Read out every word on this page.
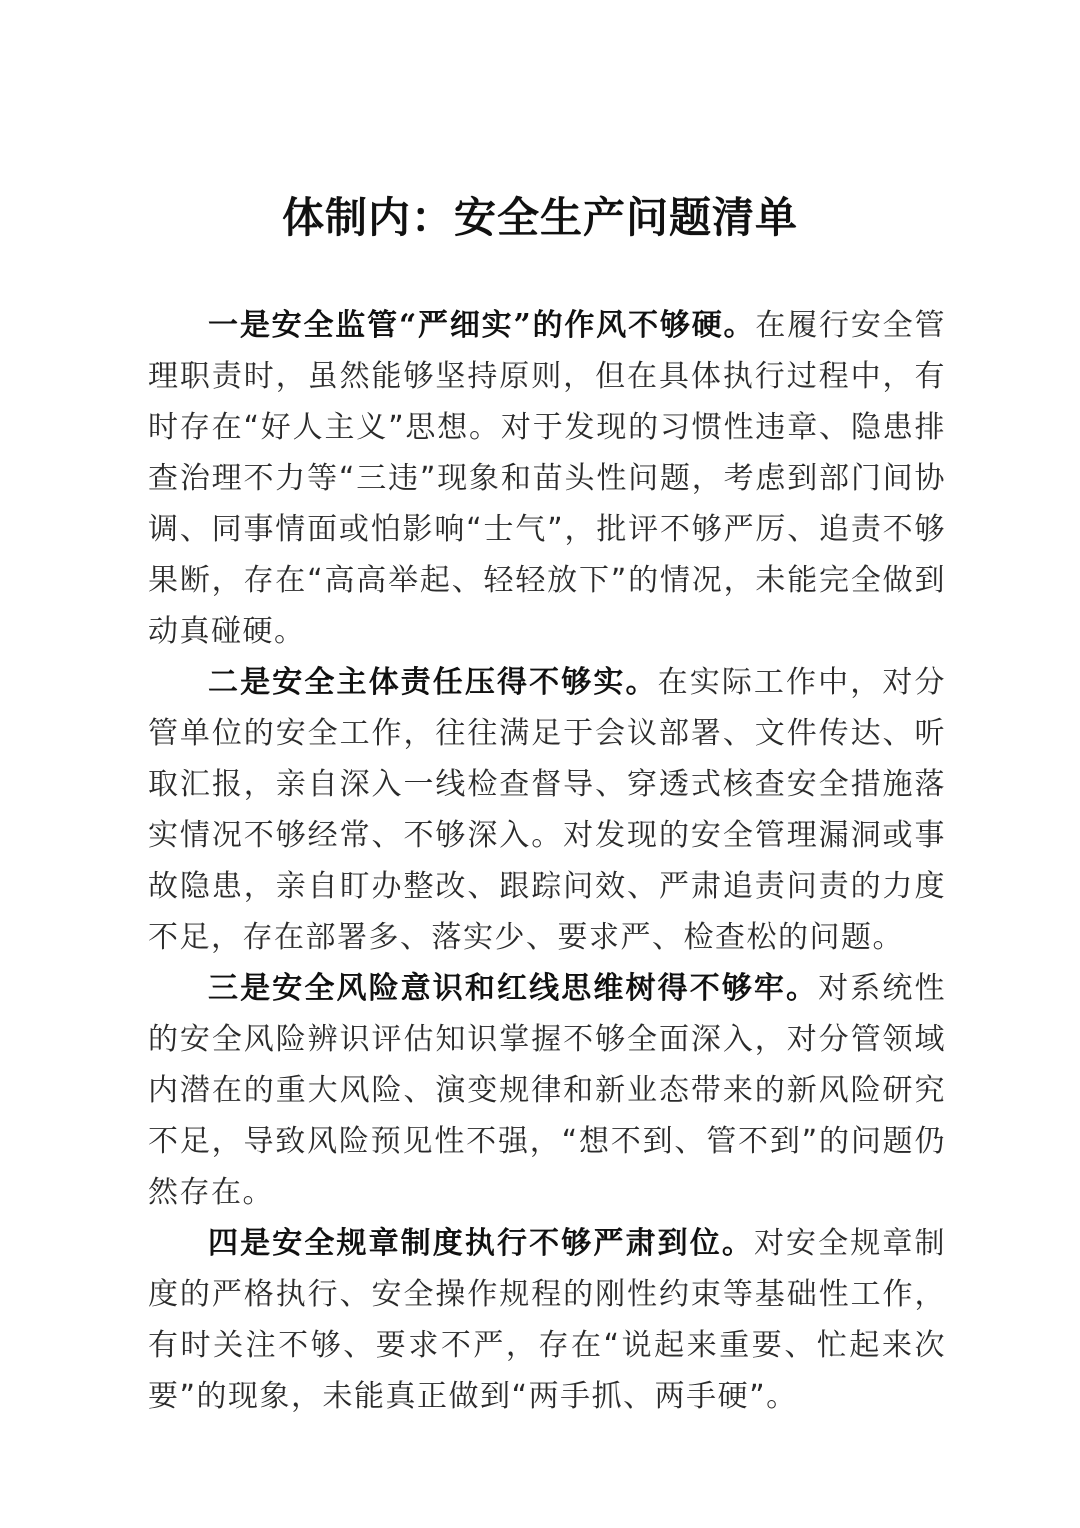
体制内：安全生产问题清单

一是安全监管“严细实”的作风不够硬。在履行安全管理职责时，虽然能够坚持原则，但在具体执行过程中，有时存在“好人主义”思想。对于发现的习惯性违章、隐患排查治理不力等“三违”现象和苗头性问题，考虑到部门间协调、同事情面或怕影响“士气”，批评不够严厉、追责不够果断，存在“高高举起、轻轻放下”的情况，未能完全做到动真碰硬。

二是安全主体责任压得不够实。在实际工作中，对分管单位的安全工作，往往满足于会议部署、文件传达、听取汇报，亲自深入一线检查督导、穿透式核查安全措施落实情况不够经常、不够深入。对发现的安全管理漏洞或事故隐患，亲自盯办整改、跟踪问效、严肃追责问责的力度不足，存在部署多、落实少、要求严、检查松的问题。

三是安全风险意识和红线思维树得不够牢。对系统性的安全风险辨识评估知识掌握不够全面深入，对分管领域内潜在的重大风险、演变规律和新业态带来的新风险研究不足，导致风险预见性不强，“想不到、管不到”的问题仍然存在。

四是安全规章制度执行不够严肃到位。对安全规章制度的严格执行、安全操作规程的刚性约束等基础性工作，有时关注不够、要求不严，存在“说起来重要、忙起来次要”的现象，未能真正做到“两手抓、两手硬”。
